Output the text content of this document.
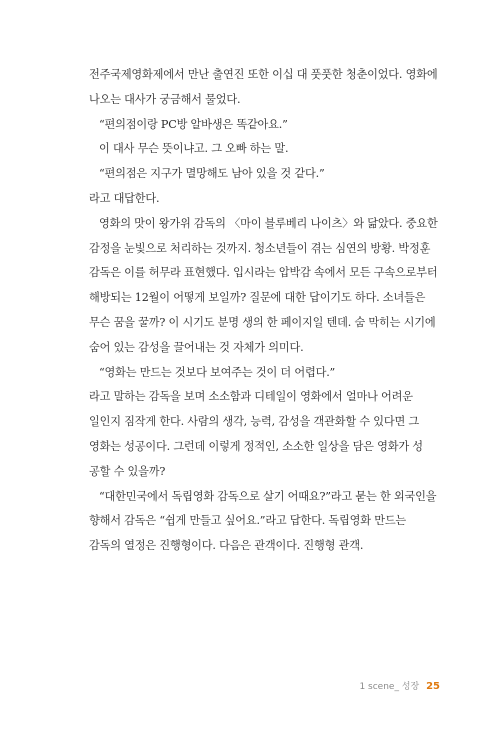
전주국제영화제에서 만난 출연진 또한 이십 대 풋풋한 청춘이었다. 영화에
나오는 대사가 궁금해서 물었다.
“편의점이랑 PC방 알바생은 똑같아요.”
이 대사 무슨 뜻이냐고. 그 오빠 하는 말.
“편의점은 지구가 멸망해도 남아 있을 것 같다.”
라고 대답한다.
영화의 맛이 왕가위 감독의 〈마이 블루베리 나이츠〉와 닮았다. 중요한
감정을 눈빛으로 처리하는 것까지. 청소년들이 겪는 심연의 방황. 박정훈
감독은 이를 허무라 표현했다. 입시라는 압박감 속에서 모든 구속으로부터
해방되는 12월이 어떻게 보일까? 질문에 대한 답이기도 하다. 소녀들은
무슨 꿈을 꿀까? 이 시기도 분명 생의 한 페이지일 텐데. 숨 막히는 시기에
숨어 있는 감성을 끌어내는 것 자체가 의미다.
“영화는 만드는 것보다 보여주는 것이 더 어렵다.”
라고 말하는 감독을 보며 소소함과 디테일이 영화에서 얼마나 어려운
일인지 짐작게 한다. 사람의 생각, 능력, 감성을 객관화할 수 있다면 그
영화는 성공이다. 그런데 이렇게 정적인, 소소한 일상을 담은 영화가 성
공할 수 있을까?
“대한민국에서 독립영화 감독으로 살기 어때요?”라고 묻는 한 외국인을
향해서 감독은 “쉽게 만들고 싶어요.”라고 답한다. 독립영화 만드는
감독의 열정은 진행형이다. 다음은 관객이다. 진행형 관객.
1 scene_ 성장 25
